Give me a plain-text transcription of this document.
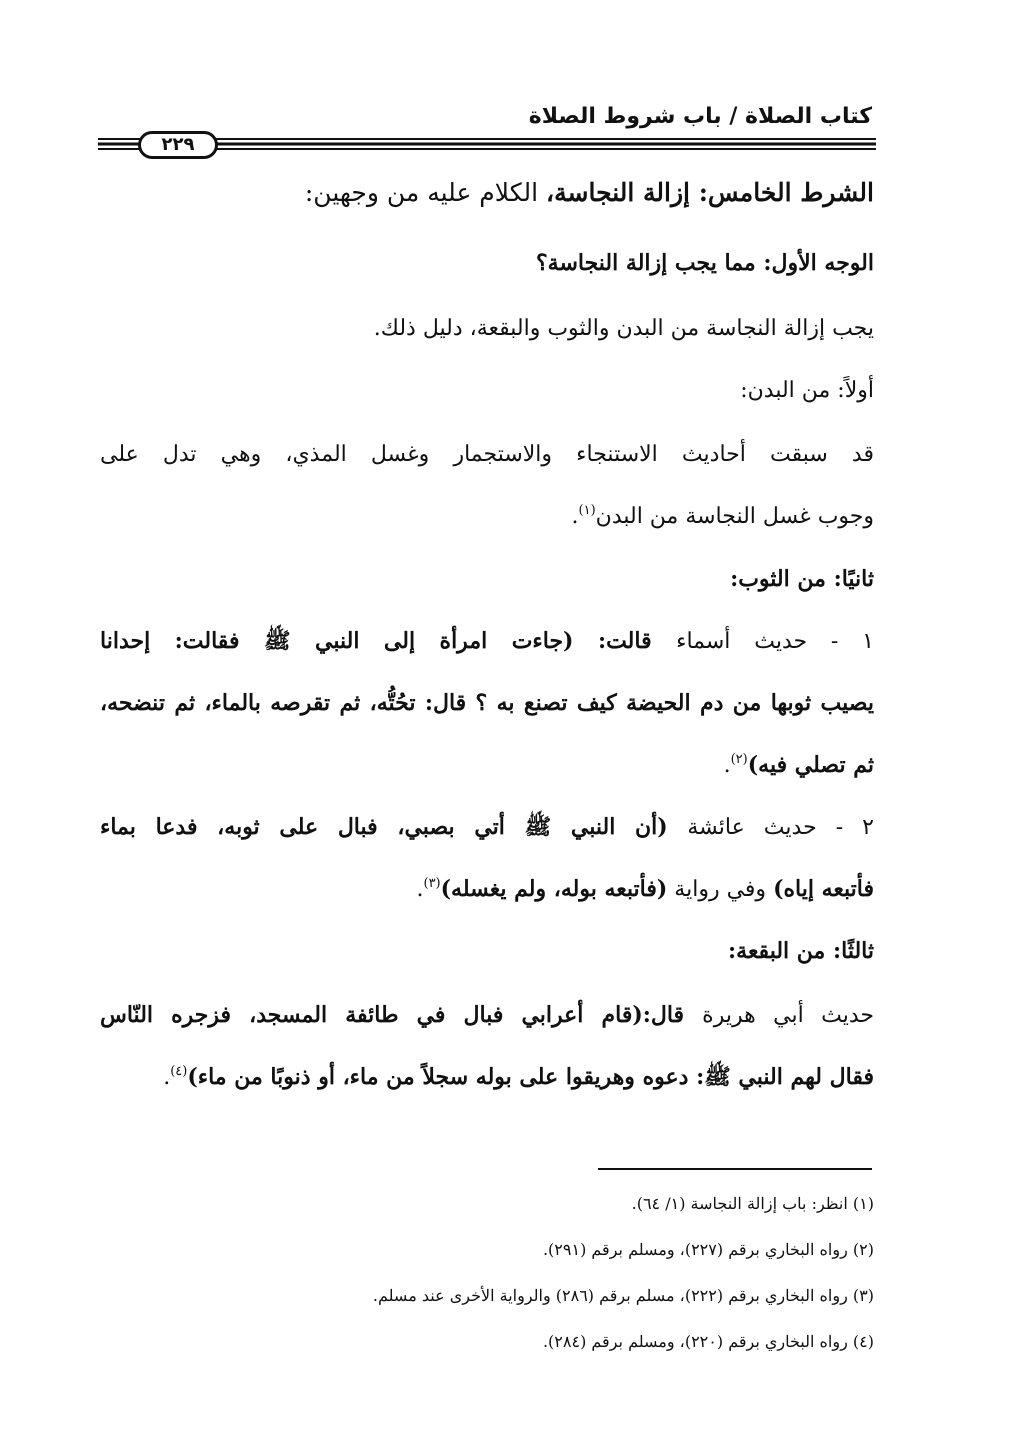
كتاب الصلاة / باب شروط الصلاة
٢٢٩
الشرط الخامس: إزالة النجاسة، الكلام عليه من وجهين:
الوجه الأول: مما يجب إزالة النجاسة؟
يجب إزالة النجاسة من البدن والثوب والبقعة، دليل ذلك.
أولاً: من البدن:
قد سبقت أحاديث الاستنجاء والاستجمار وغسل المذي، وهي تدل على
وجوب غسل النجاسة من البدن$^{(١)}$.
ثانيًا: من الثوب:
١ - حديث أسماء قالت: (جاءت امرأة إلى النبي ﷺ فقالت: إحدانا
يصيب ثوبها من دم الحيضة كيف تصنع به ؟ قال: تحُتُّه، ثم تقرصه بالماء، ثم تنضحه،
ثم تصلي فيه)$^{(٢)}$.
٢ - حديث عائشة (أن النبي ﷺ أتي بصبي، فبال على ثوبه، فدعا بماء
فأتبعه إياه) وفي رواية (فأتبعه بوله، ولم يغسله)$^{(٣)}$.
ثالثًا: من البقعة:
حديث أبي هريرة قال:(قام أعرابي فبال في طائفة المسجد، فزجره النّاس
فقال لهم النبي ﷺ: دعوه وهريقوا على بوله سجلاً من ماء، أو ذنوبًا من ماء)$^{(٤)}$.
(١) انظر: باب إزالة النجاسة (١/ ٦٤).
(٢) رواه البخاري برقم (٢٢٧)، ومسلم برقم (٢٩١).
(٣) رواه البخاري برقم (٢٢٢)، مسلم برقم (٢٨٦) والرواية الأخرى عند مسلم.
(٤) رواه البخاري برقم (٢٢٠)، ومسلم برقم (٢٨٤).
